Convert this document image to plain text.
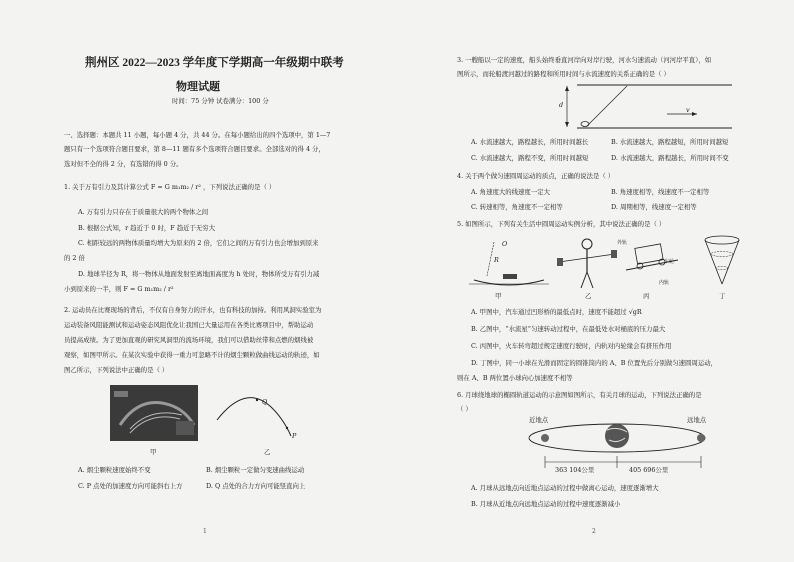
荆州区 2022—2023 学年度下学期高一年级期中联考
物理试题
时间：75 分钟 试卷满分：100 分
一、选择题：本题共 11 小题，每小题 4 分，共 44 分。在每小题给出的四个选项中，第 1—7
题只有一个选项符合题目要求，第 8—11 题有多个选项符合题目要求。全部选对的得 4 分，
选对但不全的得 2 分，有选错的得 0 分。
1. 关于万有引力及其计算公式 F = G m₁m₂ / r² ，下列说法正确的是（ ）
A. 万有引力只存在于质量很大的两个物体之间
B. 根据公式知，r 趋近于 0 时，F 趋近于无穷大
C. 相距较远的两物体质量均增大为原来的 2 倍，它们之间的万有引力也会增加到原来
的 2 倍
D. 地球半径为 R，将一物体从地面发射至离地面高度为 h 处时，物体所受万有引力减
小到原来的一半，则 F = G m₁m₂ / r²
2. 运动员在比赛现场的背后，不仅有自身努力的汗水，也有科技的加持。利用风洞实验室为
运动装备风阻能测试和运动姿态风阻优化让我国已大量运用在各类比赛项目中，帮助运动
员提高成绩。为了更加直观的研究风洞里的流场环境，我们可以借助丝带和点燃的烟线被
观察，如图甲所示。在某次实验中获得一重力可忽略不计的烟尘颗粒做曲线运动的轨迹，如
图乙所示，下列说法中正确的是（ ）
甲
Q
P
乙
A. 烟尘颗粒速度始终不变	B. 烟尘颗粒一定做匀变速曲线运动
C. P 点处的加速度方向可能斜右上方	D. Q 点处的合力方向可能竖直向上
1
3. 一艘船以一定的速度，船头始终垂直河岸向对岸行驶，河水匀速流动（河河岸平直），如
图所示，而轮船渡河越过的路程和所用时间与水流速度的关系正确的是（ ）
d
v
A. 水流速越大，路程越长，所用时间越长	B. 水流速越大，路程越短，所用时间越短
C. 水流速越大，路程不变，所用时间越短	D. 水流速越大，路程越长，所用时间不变
4. 关于两个做匀速圆周运动的质点，正确的说法是（ ）
A. 角速度大的线速度一定大	B. 角速度相等，线速度不一定相等
C. 转速相等，角速度不一定相等	D. 周期相等，线速度一定相等
5. 如图所示，下列有关生活中圆周运动实例分析，其中说法正确的是（ ）
O
R
外轨
车轮
内轨
甲	乙	丙	丁
A. 甲图中，汽车通过凹形桥的最低点时，速度不能超过 √gR
B. 乙图中，“水流星”匀速转动过程中，在最低处水对桶底的压力最大
C. 丙图中，火车转弯超过规定速度行驶时，内轨对内轮缘会有挤压作用
D. 丁图中，同一小球在光滑而固定的圆锥筒内的 A、B 位置先后分别做匀速圆周运动，
则在 A、B 两位置小球向心加速度不相等
6. 月球绕地球的椭圆轨道运动的示意图如图所示，有关月球的运动，下列说法正确的是
（ ）
近地点	远地点
363 104公里	405 696公里
A. 月球从远地点向近地点运动的过程中做离心运动，速度逐渐增大
B. 月球从近地点向远地点运动的过程中速度逐渐减小
2
